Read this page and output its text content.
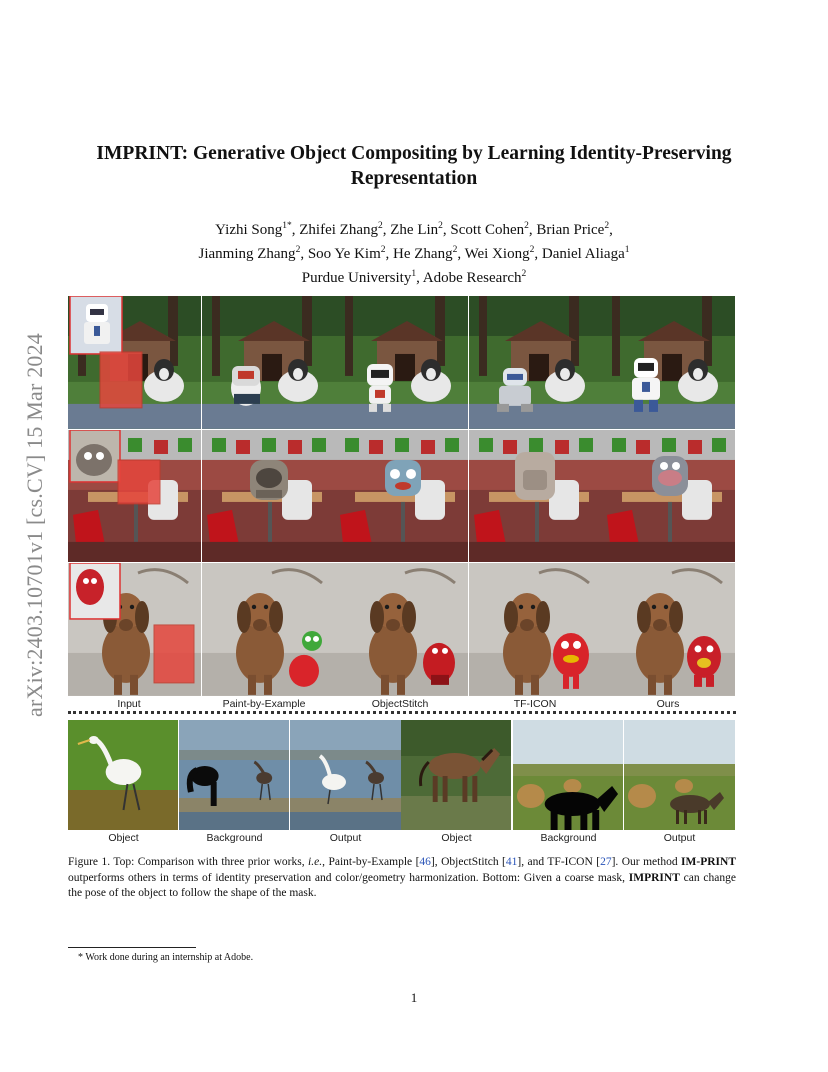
arXiv:2403.10701v1 [cs.CV] 15 Mar 2024
IMPRINT: Generative Object Compositing by Learning Identity-Preserving
Representation
Yizhi Song$^{1*}$, Zhifei Zhang$^2$, Zhe Lin$^2$, Scott Cohen$^2$, Brian Price$^2$,
Jianming Zhang$^2$, Soo Ye Kim$^2$, He Zhang$^2$, Wei Xiong$^2$, Daniel Aliaga$^1$
Purdue University$^1$, Adobe Research$^2$
Input	Paint-by-Example	ObjectStitch	TF-ICON	Ours
Object	Background	Output	Object	Background	Output
Figure 1. Top: Comparison with three prior works, i.e., Paint-by-Example [46], ObjectStitch [41], and TF-ICON [27]. Our method IM-PRINT outperforms others in terms of identity preservation and color/geometry harmonization. Bottom: Given a coarse mask, IMPRINT can change the pose of the object to follow the shape of the mask.
* Work done during an internship at Adobe.
1
